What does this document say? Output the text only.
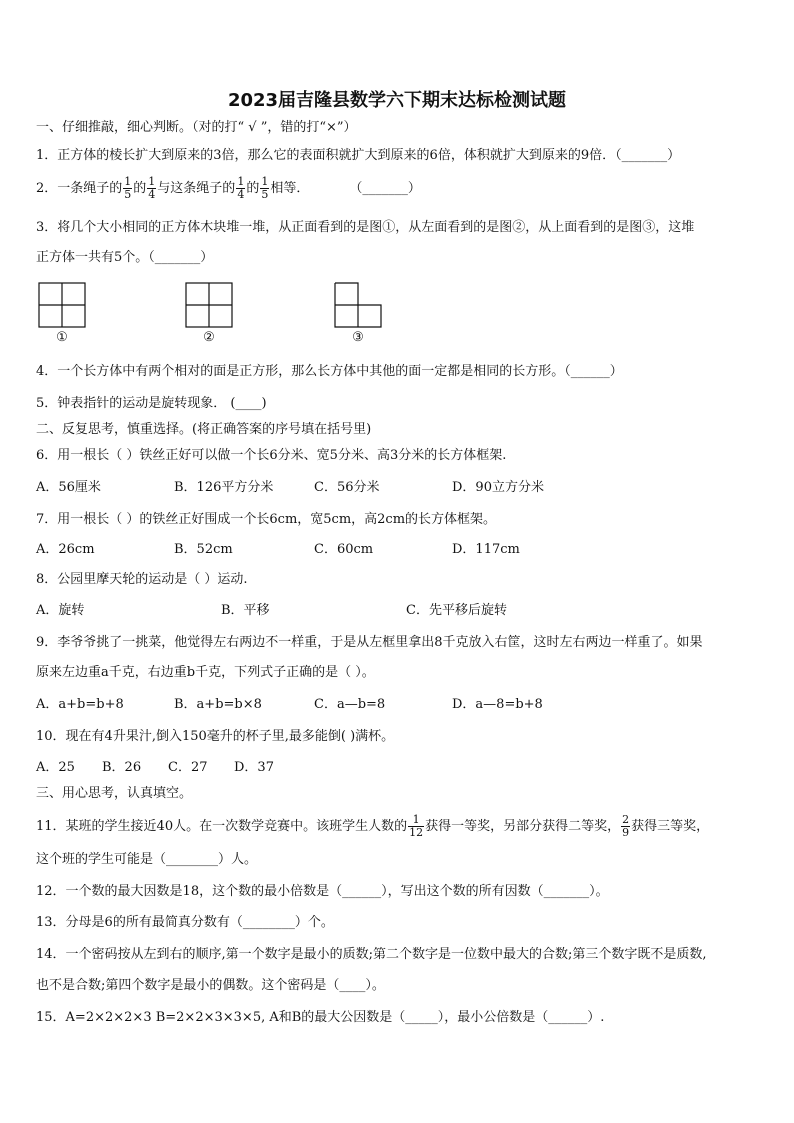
2023届吉隆县数学六下期末达标检测试题
一、仔细推敲，细心判断。（对的打“ √ ”，错的打“×”）
1．正方体的棱长扩大到原来的3倍，那么它的表面积就扩大到原来的6倍，体积就扩大到原来的9倍．（_______）
2．一条绳子的 $\frac{1}{5}$ 的 $\frac{1}{4}$ 与这条绳子的 $\frac{1}{4}$ 的 $\frac{1}{5}$ 相等．	（_______）
3．将几个大小相同的正方体木块堆一堆，从正面看到的是图①，从左面看到的是图②，从上面看到的是图③，这堆
正方体一共有5个。（_______）
①	②	③
4．一个长方体中有两个相对的面是正方形，那么长方体中其他的面一定都是相同的长方形。（______）
5．钟表指针的运动是旋转现象． (____)
二、反复思考，慎重选择。(将正确答案的序号填在括号里)
6．用一根长（ ）铁丝正好可以做一个长6分米、宽5分米、高3分米的长方体框架.
A．56厘米	B．126平方分米	C．56分米	D．90立方分米
7．用一根长（ ）的铁丝正好围成一个长6cm，宽5cm，高2cm的长方体框架。
A．26cm	B．52cm	C．60cm	D．117cm
8．公园里摩天轮的运动是（ ）运动.
A．旋转	B．平移	C．先平移后旋转
9．李爷爷挑了一挑菜，他觉得左右两边不一样重，于是从左框里拿出8千克放入右筐，这时左右两边一样重了。如果
原来左边重a千克，右边重b千克，下列式子正确的是（ ）。
A．a+b=b+8	B．a+b=b×8	C．a—b=8	D．a—8=b+8
10．现在有4升果汁,倒入150毫升的杯子里,最多能倒( )满杯。
A．25 B．26 C．27 D．37
三、用心思考，认真填空。
11．某班的学生接近40人。在一次数学竞赛中。该班学生人数的 $\frac{1}{12}$ 获得一等奖，另部分获得二等奖， $\frac{2}{9}$ 获得三等奖，
这个班的学生可能是（________）人。
12．一个数的最大因数是18，这个数的最小倍数是（______），写出这个数的所有因数（_______）。
13．分母是6的所有最简真分数有（________）个。
14．一个密码按从左到右的顺序,第一个数字是最小的质数;第二个数字是一位数中最大的合数;第三个数字既不是质数,
也不是合数;第四个数字是最小的偶数。这个密码是（____）。
15．A=2×2×2×3 B=2×2×3×3×5, A和B的最大公因数是（_____），最小公倍数是（______）.
